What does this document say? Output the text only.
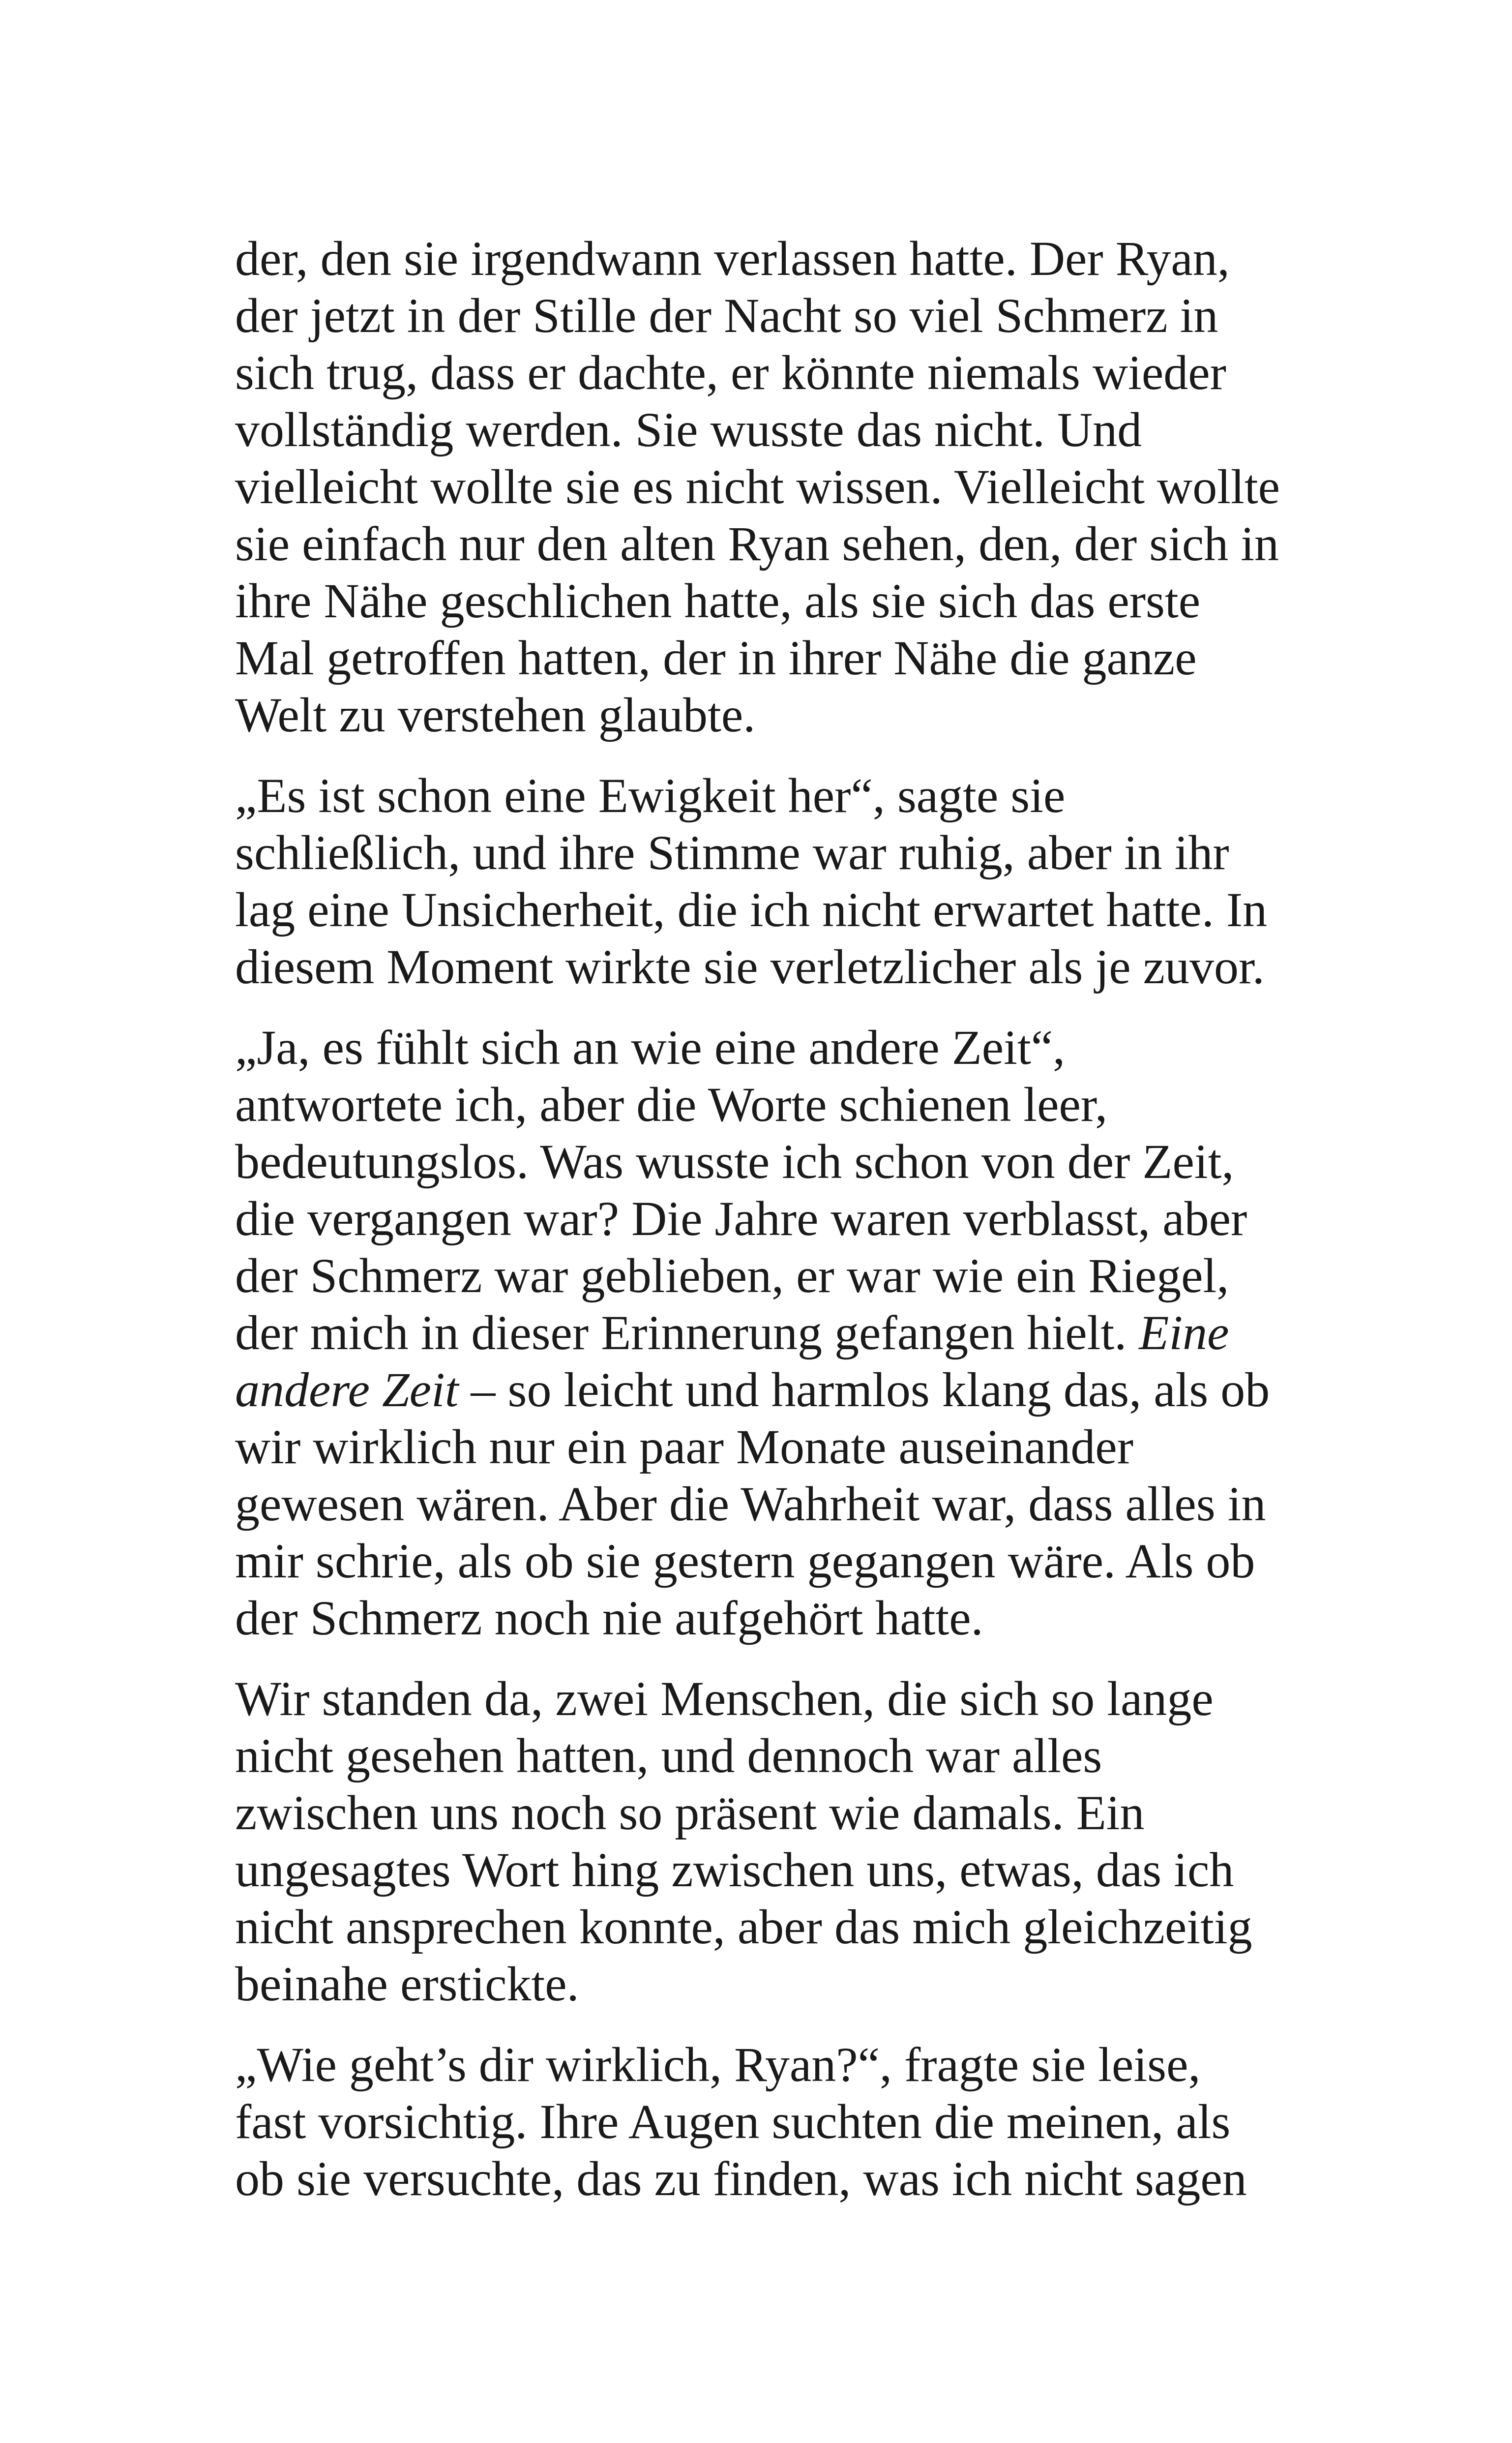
der, den sie irgendwann verlassen hatte. Der Ryan,
der jetzt in der Stille der Nacht so viel Schmerz in
sich trug, dass er dachte, er könnte niemals wieder
vollständig werden. Sie wusste das nicht. Und
vielleicht wollte sie es nicht wissen. Vielleicht wollte
sie einfach nur den alten Ryan sehen, den, der sich in
ihre Nähe geschlichen hatte, als sie sich das erste
Mal getroffen hatten, der in ihrer Nähe die ganze
Welt zu verstehen glaubte.
„Es ist schon eine Ewigkeit her“, sagte sie
schließlich, und ihre Stimme war ruhig, aber in ihr
lag eine Unsicherheit, die ich nicht erwartet hatte. In
diesem Moment wirkte sie verletzlicher als je zuvor.
„Ja, es fühlt sich an wie eine andere Zeit“,
antwortete ich, aber die Worte schienen leer,
bedeutungslos. Was wusste ich schon von der Zeit,
die vergangen war? Die Jahre waren verblasst, aber
der Schmerz war geblieben, er war wie ein Riegel,
der mich in dieser Erinnerung gefangen hielt. Eine
andere Zeit – so leicht und harmlos klang das, als ob
wir wirklich nur ein paar Monate auseinander
gewesen wären. Aber die Wahrheit war, dass alles in
mir schrie, als ob sie gestern gegangen wäre. Als ob
der Schmerz noch nie aufgehört hatte.
Wir standen da, zwei Menschen, die sich so lange
nicht gesehen hatten, und dennoch war alles
zwischen uns noch so präsent wie damals. Ein
ungesagtes Wort hing zwischen uns, etwas, das ich
nicht ansprechen konnte, aber das mich gleichzeitig
beinahe erstickte.
„Wie geht’s dir wirklich, Ryan?“, fragte sie leise,
fast vorsichtig. Ihre Augen suchten die meinen, als
ob sie versuchte, das zu finden, was ich nicht sagen
